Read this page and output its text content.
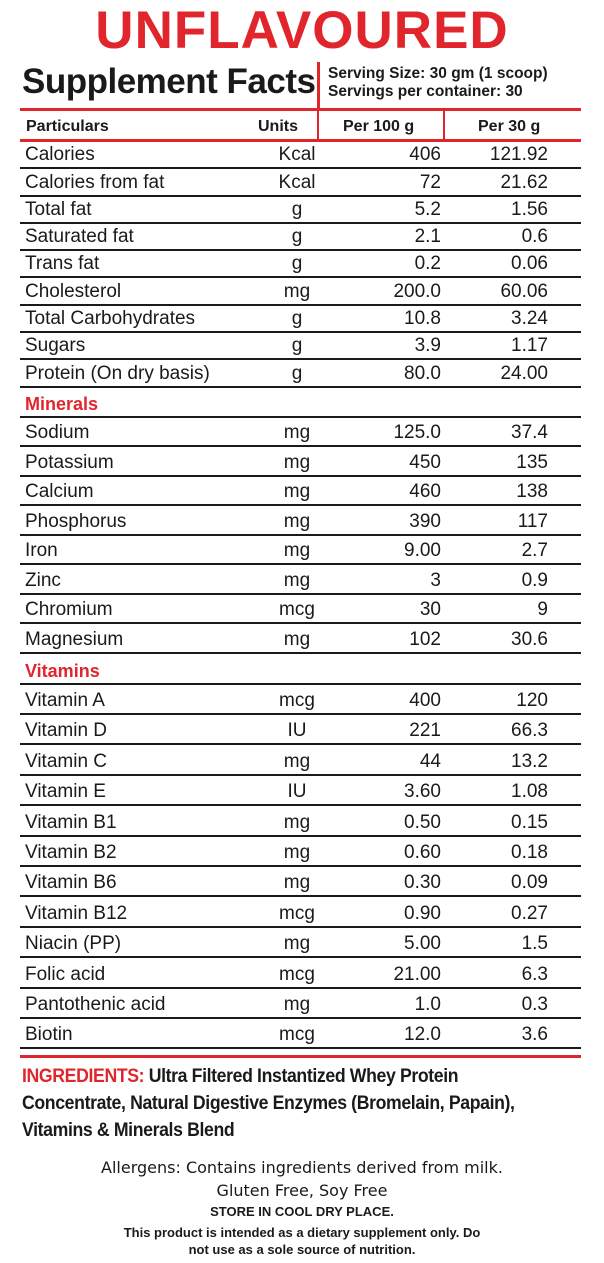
UNFLAVOURED
Supplement Facts Serving Size: 30 gm (1 scoop)
Servings per container: 30
Particulars	Units	Per 100 g	Per 30 g
Calories	Kcal	406	121.92
Calories from fat	Kcal	72	21.62
Total fat	g	5.2	1.56
Saturated fat	g	2.1	0.6
Trans fat	g	0.2	0.06
Cholesterol	mg	200.0	60.06
Total Carbohydrates	g	10.8	3.24
Sugars	g	3.9	1.17
Protein (On dry basis)	g	80.0	24.00
Minerals
Sodium	mg	125.0	37.4
Potassium	mg	450	135
Calcium	mg	460	138
Phosphorus	mg	390	117
Iron	mg	9.00	2.7
Zinc	mg	3	0.9
Chromium	mcg	30	9
Magnesium	mg	102	30.6
Vitamins
Vitamin A	mcg	400	120
Vitamin D	IU	221	66.3
Vitamin C	mg	44	13.2
Vitamin E	IU	3.60	1.08
Vitamin B1	mg	0.50	0.15
Vitamin B2	mg	0.60	0.18
Vitamin B6	mg	0.30	0.09
Vitamin B12	mcg	0.90	0.27
Niacin (PP)	mg	5.00	1.5
Folic acid	mcg	21.00	6.3
Pantothenic acid	mg	1.0	0.3
Biotin	mcg	12.0	3.6
INGREDIENTS: Ultra Filtered Instantized Whey Protein Concentrate, Natural Digestive Enzymes (Bromelain, Papain), Vitamins & Minerals Blend
Allergens: Contains ingredients derived from milk.
Gluten Free, Soy Free
STORE IN COOL DRY PLACE.
This product is intended as a dietary supplement only. Do
not use as a sole source of nutrition.
